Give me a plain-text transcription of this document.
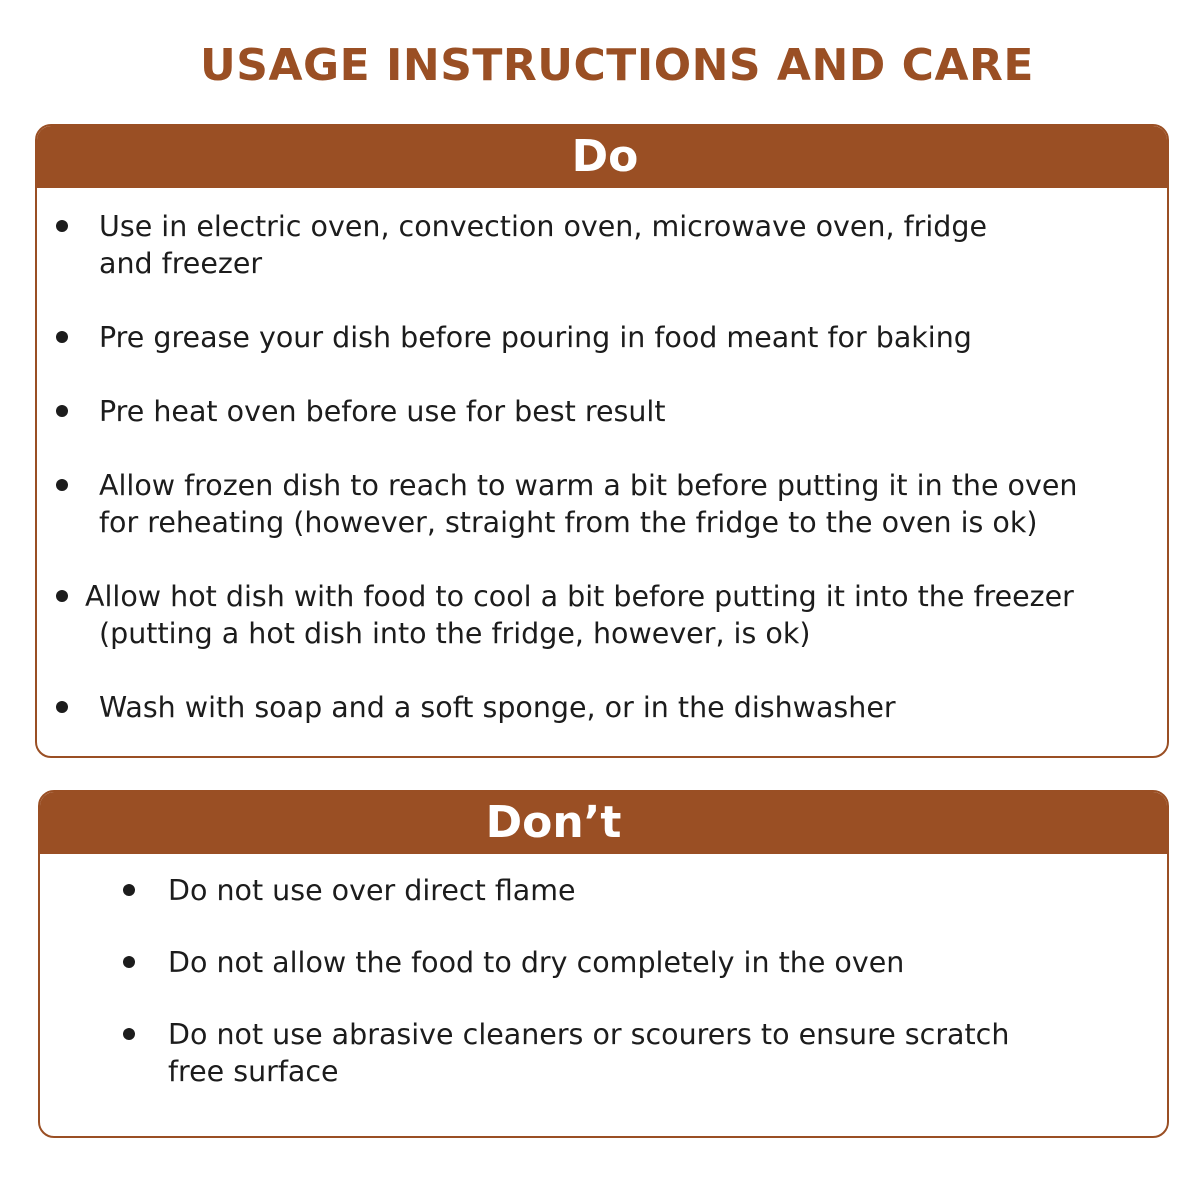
USAGE INSTRUCTIONS AND CARE
Do
Use in electric oven, convection oven, microwave oven, fridge and freezer
Pre grease your dish before pouring in food meant for baking
Pre heat oven before use for best result
Allow frozen dish to reach to warm a bit before putting it in the oven for reheating (however, straight from the fridge to the oven is ok)
Allow hot dish with food to cool a bit before putting it into the freezer (putting a hot dish into the fridge, however, is ok)
Wash with soap and a soft sponge, or in the dishwasher
Don’t
Do not use over direct flame
Do not allow the food to dry completely in the oven
Do not use abrasive cleaners or scourers to ensure scratch free surface
